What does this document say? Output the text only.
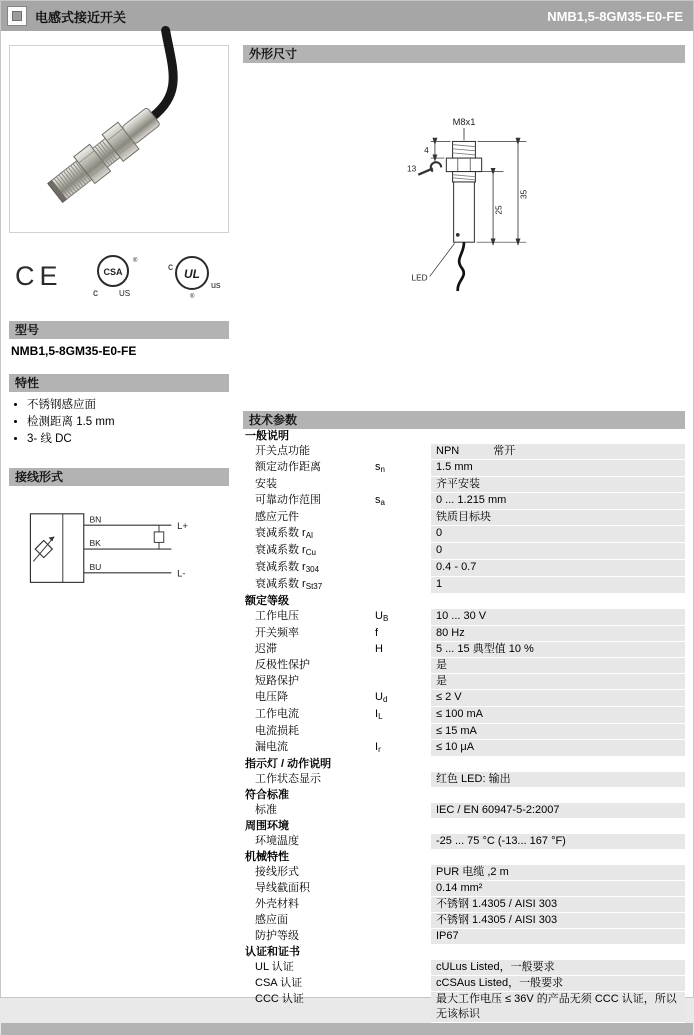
电感式接近开关	NMB1,5-8GM35-E0-FE
CE	CSA
®
c	US
UL
c
us
®
型号
NMB1,5-8GM35-E0-FE
特性
• 不锈钢感应面
• 检测距离 1.5 mm
• 3- 线 DC
接线形式
BN
BK
BU
L+
L-
外形尺寸
M8x1
4
13
25
35
LED
技术参数
一般说明
开关点功能	NPN	常开
额定动作距离	$s_n$	1.5 mm
安装	齐平安装
可靠动作范围	$s_a$	0 ... 1.215 mm
感应元件	铁质目标块
衰减系数 $r_{Al}$	0
衰减系数 $r_{Cu}$	0
衰减系数 $r_{304}$	0.4 - 0.7
衰减系数 $r_{St37}$	1
额定等级
工作电压	$U_B$	10 ... 30 V
开关频率	f	80 Hz
迟滞	H	5 ... 15 典型值 10 %
反极性保护	是
短路保护	是
电压降	$U_d$	≤ 2 V
工作电流	$I_L$	≤ 100 mA
电流损耗	≤ 15 mA
漏电流	$I_r$	≤ 10 μA
指示灯 / 动作说明
工作状态显示	红色 LED: 输出
符合标准
标准	IEC / EN 60947-5-2:2007
周围环境
环境温度	-25 ... 75 °C (-13... 167 °F)
机械特性
接线形式	PUR 电缆 ,2 m
导线截面积	0.14 mm²
外壳材料	不锈钢 1.4305 / AISI 303
感应面	不锈钢 1.4305 / AISI 303
防护等级	IP67
认证和证书
UL 认证	cULus Listed，一般要求
CSA 认证	cCSAus Listed，一般要求
CCC 认证	最大工作电压 ≤ 36V 的产品无须 CCC 认证，所以无该标识
